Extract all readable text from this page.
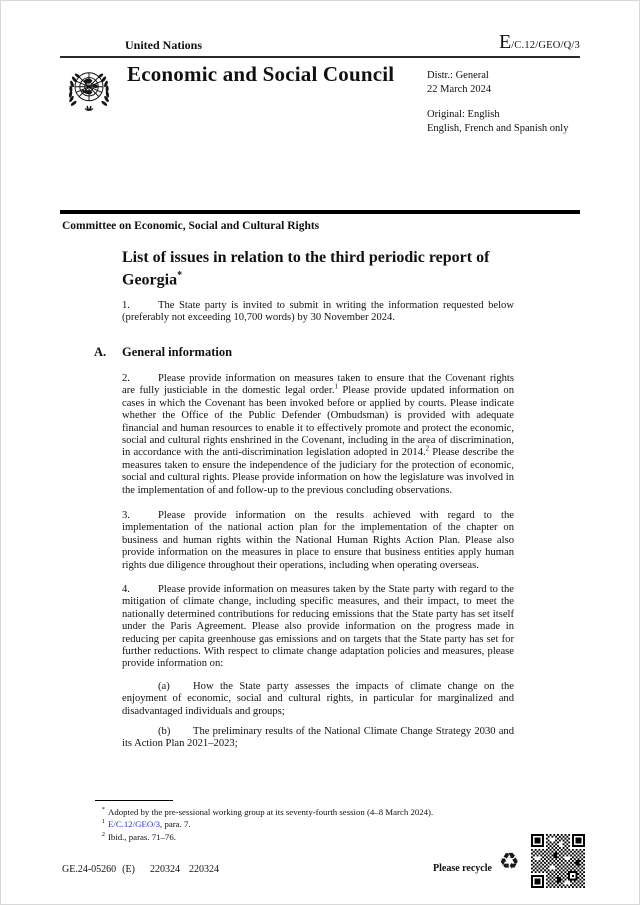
United Nations	E/C.12/GEO/Q/3
Economic and Social Council	Distr.: General
22 March 2024
Original: English
English, French and Spanish only
Committee on Economic, Social and Cultural Rights
List of issues in relation to the third periodic report of Georgia*

1.	The State party is invited to submit in writing the information requested below (preferably not exceeding 10,700 words) by 30 November 2024.

A. General information

2.	Please provide information on measures taken to ensure that the Covenant rights are fully justiciable in the domestic legal order.$^1$ Please provide updated information on cases in which the Covenant has been invoked before or applied by courts. Please indicate whether the Office of the Public Defender (Ombudsman) is provided with adequate financial and human resources to enable it to effectively promote and protect the economic, social and cultural rights enshrined in the Covenant, including in the area of discrimination, in accordance with the anti-discrimination legislation adopted in 2014.$^2$ Please describe the measures taken to ensure the independence of the judiciary for the protection of economic, social and cultural rights. Please provide information on how the legislature was involved in the implementation of and follow-up to the previous concluding observations.

3.	Please provide information on the results achieved with regard to the implementation of the national action plan for the implementation of the chapter on business and human rights within the National Human Rights Action Plan. Please also provide information on the measures in place to ensure that business entities apply human rights due diligence throughout their operations, including when operating overseas.

4.	Please provide information on measures taken by the State party with regard to the mitigation of climate change, including specific measures, and their impact, to meet the nationally determined contributions for reducing emissions that the State party has set itself under the Paris Agreement. Please also provide information on the progress made in reducing per capita greenhouse gas emissions and on targets that the State party has set for further reductions. With respect to climate change adaptation policies and measures, please provide information on:

(a) How the State party assesses the impacts of climate change on the enjoyment of economic, social and cultural rights, in particular for marginalized and disadvantaged individuals and groups;

(b) The preliminary results of the National Climate Change Strategy 2030 and its Action Plan 2021–2023;

* Adopted by the pre-sessional working group at its seventy-fourth session (4–8 March 2024).
1 E/C.12/GEO/3, para. 7.
2 Ibid., paras. 71–76.
GE.24-05260 (E) 220324 220324	Please recycle ♻
